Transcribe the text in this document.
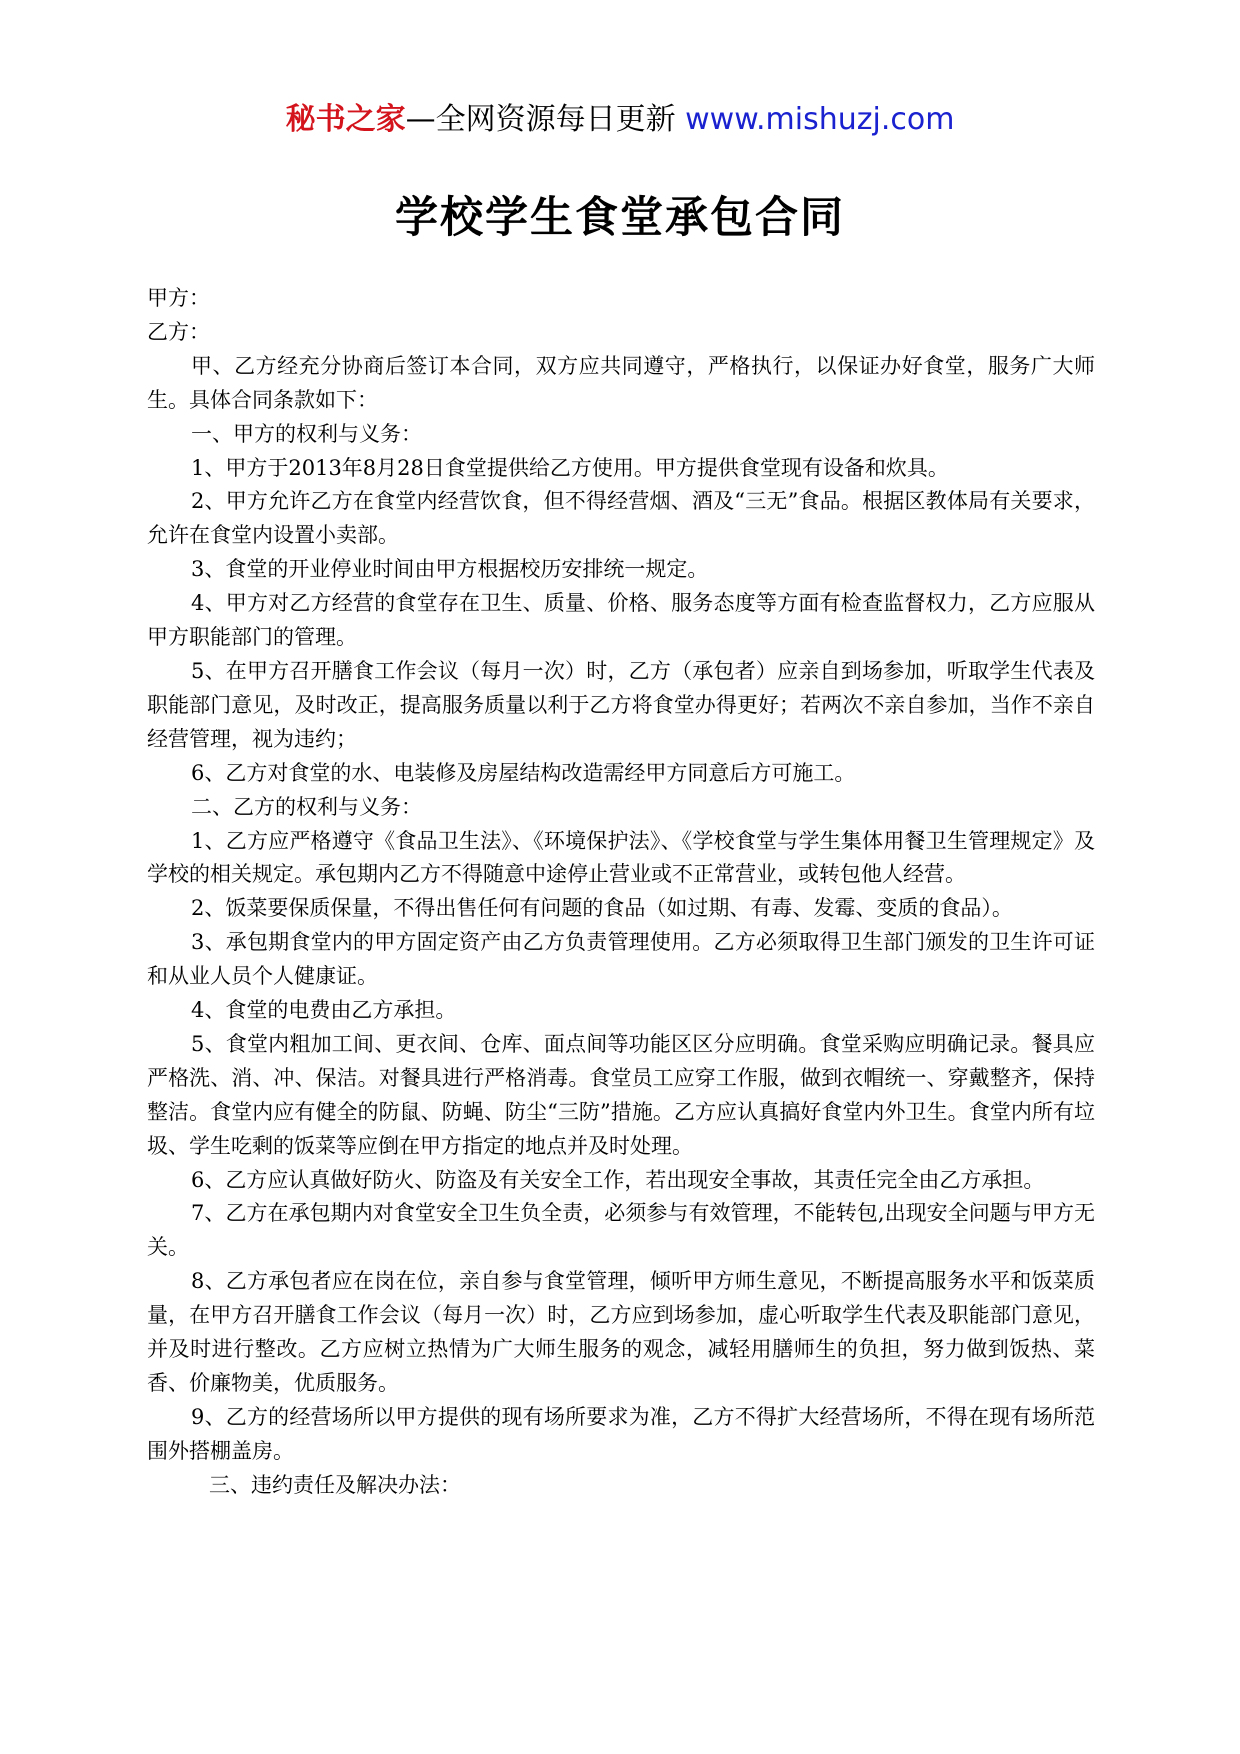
秘书之家—全网资源每日更新 www.mishuzj.com
学校学生食堂承包合同

甲方：

乙方：

甲、乙方经充分协商后签订本合同，双方应共同遵守，严格执行，以保证办好食堂，服务广大师生。具体合同条款如下：

一、甲方的权利与义务：

1、甲方于2013年8月28日食堂提供给乙方使用。甲方提供食堂现有设备和炊具。

2、甲方允许乙方在食堂内经营饮食，但不得经营烟、酒及“三无”食品。根据区教体局有关要求，允许在食堂内设置小卖部。

3、食堂的开业停业时间由甲方根据校历安排统一规定。

4、甲方对乙方经营的食堂存在卫生、质量、价格、服务态度等方面有检查监督权力，乙方应服从甲方职能部门的管理。

5、在甲方召开膳食工作会议（每月一次）时，乙方（承包者）应亲自到场参加，听取学生代表及职能部门意见，及时改正，提高服务质量以利于乙方将食堂办得更好；若两次不亲自参加，当作不亲自经营管理，视为违约；

6、乙方对食堂的水、电装修及房屋结构改造需经甲方同意后方可施工。

二、乙方的权利与义务：

1、乙方应严格遵守《食品卫生法》、《环境保护法》、《学校食堂与学生集体用餐卫生管理规定》及学校的相关规定。承包期内乙方不得随意中途停止营业或不正常营业，或转包他人经营。

2、饭菜要保质保量，不得出售任何有问题的食品（如过期、有毒、发霉、变质的食品）。

3、承包期食堂内的甲方固定资产由乙方负责管理使用。乙方必须取得卫生部门颁发的卫生许可证和从业人员个人健康证。

4、食堂的电费由乙方承担。

5、食堂内粗加工间、更衣间、仓库、面点间等功能区区分应明确。食堂采购应明确记录。餐具应严格洗、消、冲、保洁。对餐具进行严格消毒。食堂员工应穿工作服，做到衣帽统一、穿戴整齐，保持整洁。食堂内应有健全的防鼠、防蝇、防尘“三防”措施。乙方应认真搞好食堂内外卫生。食堂内所有垃圾、学生吃剩的饭菜等应倒在甲方指定的地点并及时处理。

6、乙方应认真做好防火、防盗及有关安全工作，若出现安全事故，其责任完全由乙方承担。

7、乙方在承包期内对食堂安全卫生负全责，必须参与有效管理，不能转包,出现安全问题与甲方无关。

8、乙方承包者应在岗在位，亲自参与食堂管理，倾听甲方师生意见，不断提高服务水平和饭菜质量，在甲方召开膳食工作会议（每月一次）时，乙方应到场参加，虚心听取学生代表及职能部门意见，并及时进行整改。乙方应树立热情为广大师生服务的观念，减轻用膳师生的负担，努力做到饭热、菜香、价廉物美，优质服务。

9、乙方的经营场所以甲方提供的现有场所要求为准，乙方不得扩大经营场所，不得在现有场所范围外搭棚盖房。

三、违约责任及解决办法：
